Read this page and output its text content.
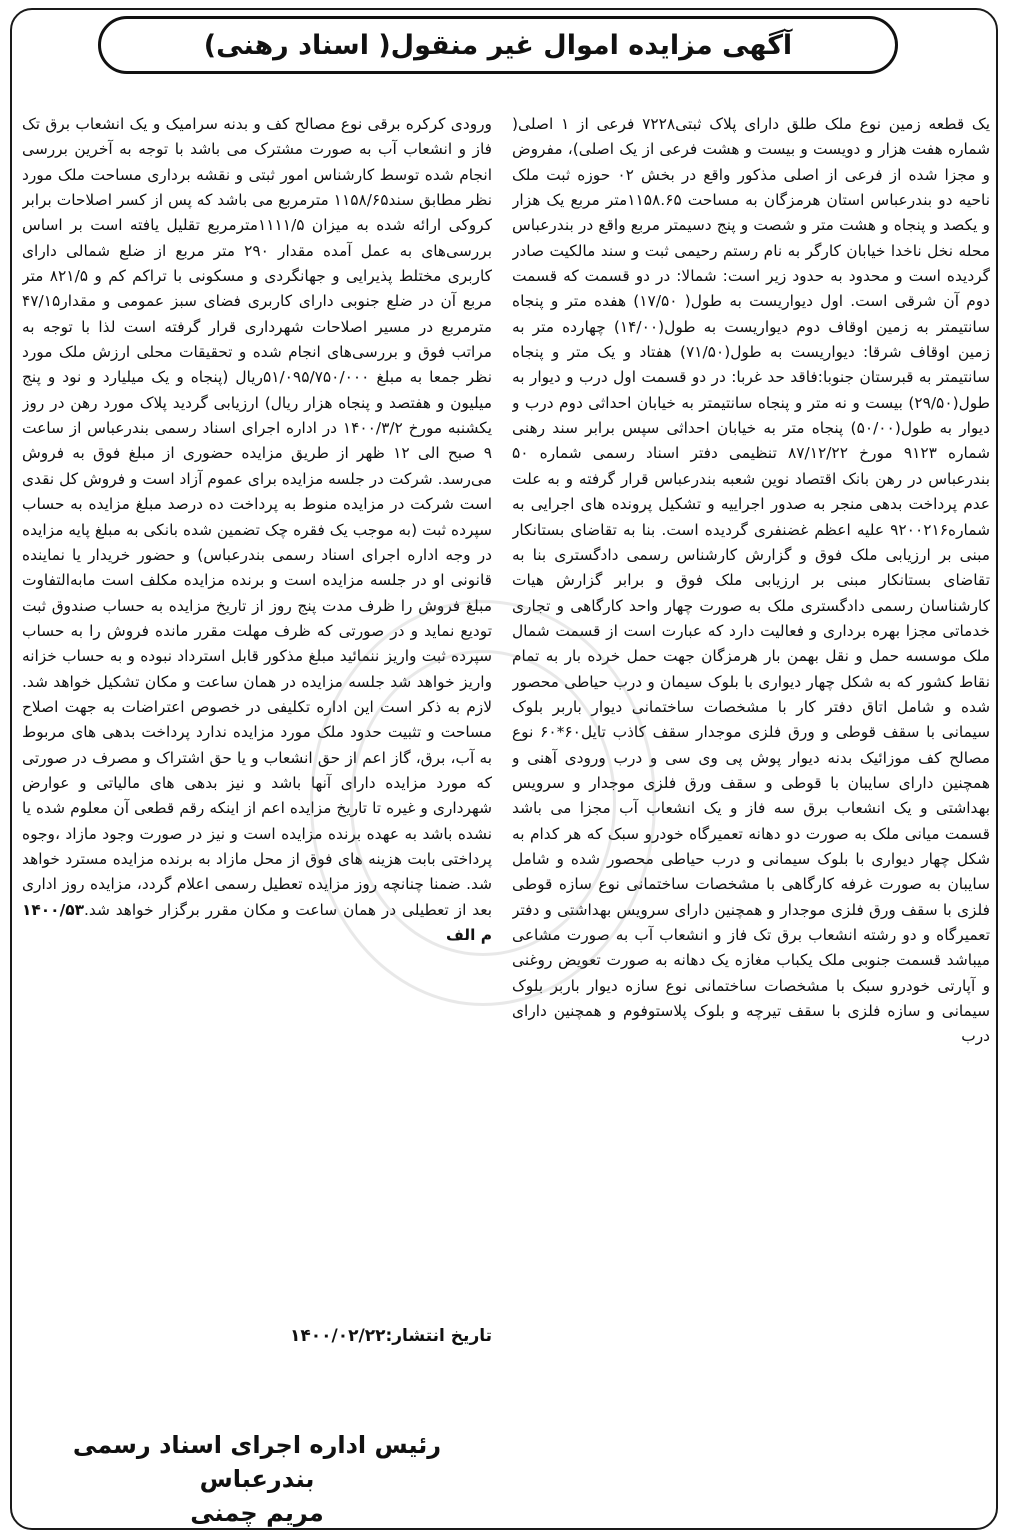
آگهی مزایده اموال غیر منقول( اسناد رهنی)

یک قطعه زمین نوع ملک طلق دارای پلاک ثبتی۷۲۲۸ فرعی از ۱ اصلی( شماره هفت هزار و دویست و بیست و هشت فرعی از یک اصلی)، مفروض و مجزا شده از فرعی از اصلی مذکور واقع در بخش ۰۲ حوزه ثبت ملک ناحیه دو بندرعباس استان هرمزگان به مساحت ۱۱۵۸.۶۵متر مربع یک هزار و یکصد و پنجاه و هشت متر و شصت و پنج دسیمتر مربع واقع در بندرعباس محله نخل ناخدا خیابان کارگر به نام رستم رحیمی ثبت و سند مالکیت صادر گردیده است و محدود به حدود زیر است: شمالا: در دو قسمت که قسمت دوم آن شرقی است. اول دیواریست به طول( ۱۷/۵۰) هفده متر و پنجاه سانتیمتر به زمین اوقاف دوم دیواریست به طول(۱۴/۰۰) چهارده متر به زمین اوقاف شرقا: دیواریست به طول(۷۱/۵۰) هفتاد و یک متر و پنجاه سانتیمتر به قبرستان جنوبا:فاقد حد غربا: در دو قسمت اول درب و دیوار به طول(۲۹/۵۰) بیست و نه متر و پنجاه سانتیمتر به خیابان احداثی دوم درب و دیوار به طول(۵۰/۰۰) پنجاه متر به خیابان احداثی سپس برابر سند رهنی شماره ۹۱۲۳ مورخ ۸۷/۱۲/۲۲ تنظیمی دفتر اسناد رسمی شماره ۵۰ بندرعباس در رهن بانک اقتصاد نوین شعبه بندرعباس قرار گرفته و به علت عدم پرداخت بدهی منجر به صدور اجراییه و تشکیل پرونده های اجرایی به شماره۹۲۰۰۲۱۶ علیه اعظم غضنفری گردیده است. بنا به تقاضای بستانکار مبنی بر ارزیابی ملک فوق و گزارش کارشناس رسمی دادگستری بنا به تقاضای بستانکار مبنی بر ارزیابی ملک فوق و برابر گزارش هیات کارشناسان رسمی دادگستری ملک به صورت چهار واحد کارگاهی و تجاری خدماتی مجزا بهره برداری و فعالیت دارد که عبارت است از قسمت شمال ملک موسسه حمل و نقل بهمن بار هرمزگان جهت حمل خرده بار به تمام نقاط کشور که به شکل چهار دیواری با بلوک سیمان و درب حیاطی محصور شده و شامل اتاق دفتر کار با مشخصات ساختمانی دیوار باربر بلوک سیمانی با سقف قوطی و ورق فلزی موجدار سقف کاذب تایل۶۰*۶۰ نوع مصالح کف موزائیک بدنه دیوار پوش پی وی سی و درب ورودی آهنی و همچنین دارای سایبان با قوطی و سقف ورق فلزی موجدار و سرویس بهداشتی و یک انشعاب برق سه فاز و یک انشعاب آب مجزا می باشد قسمت میانی ملک به صورت دو دهانه تعمیرگاه خودرو سبک که هر کدام به شکل چهار دیواری با بلوک سیمانی و درب حیاطی محصور شده و شامل سایبان به صورت غرفه کارگاهی با مشخصات ساختمانی نوع سازه قوطی فلزی با سقف ورق فلزی موجدار و همچنین دارای سرویس بهداشتی و دفتر تعمیرگاه و دو رشته انشعاب برق تک فاز و انشعاب آب به صورت مشاعی میباشد قسمت جنوبی ملک یکباب مغازه یک دهانه به صورت تعویض روغنی و آپارتی خودرو سبک با مشخصات ساختمانی نوع سازه دیوار باربر بلوک سیمانی و سازه فلزی با سقف تیرچه و بلوک پلاستوفوم و همچنین دارای درب

ورودی کرکره برقی نوع مصالح کف و بدنه سرامیک و یک انشعاب برق تک فاز و انشعاب آب به صورت مشترک می باشد با توجه به آخرین بررسی انجام شده توسط کارشناس امور ثبتی و نقشه برداری مساحت ملک مورد نظر مطابق سند۱۱۵۸/۶۵ مترمربع می باشد که پس از کسر اصلاحات برابر کروکی ارائه شده به میزان ۱۱۱۱/۵مترمربع تقلیل یافته است بر اساس بررسی‌های به عمل آمده مقدار ۲۹۰ متر مربع از ضلع شمالی دارای کاربری مختلط پذیرایی و جهانگردی و مسکونی با تراکم کم و ۸۲۱/۵ متر مربع آن در ضلع جنوبی دارای کاربری فضای سبز عمومی و مقدار۴۷/۱۵ مترمربع در مسیر اصلاحات شهرداری قرار گرفته است لذا با توجه به مراتب فوق و بررسی‌های انجام شده و تحقیقات محلی ارزش ملک مورد نظر جمعا به مبلغ ۵۱/۰۹۵/۷۵۰/۰۰۰ریال (پنجاه و یک میلیارد و نود و پنج میلیون و هفتصد و پنجاه هزار ریال) ارزیابی گردید پلاک مورد رهن در روز یکشنبه مورخ ۱۴۰۰/۳/۲ در اداره اجرای اسناد رسمی بندرعباس از ساعت ۹ صبح الی ۱۲ ظهر از طریق مزایده حضوری از مبلغ فوق به فروش می‌رسد. شرکت در جلسه مزایده برای عموم آزاد است و فروش کل نقدی است شرکت در مزایده منوط به پرداخت ده درصد مبلغ مزایده به حساب سپرده ثبت (به موجب یک فقره چک تضمین شده بانکی به مبلغ پایه مزایده در وجه اداره اجرای اسناد رسمی بندرعباس) و حضور خریدار یا نماینده قانونی او در جلسه مزایده است و برنده مزایده مکلف است مابه‌التفاوت مبلغ فروش را ظرف مدت پنج روز از تاریخ مزایده به حساب صندوق ثبت تودیع نماید و در صورتی که ظرف مهلت مقرر مانده فروش را به حساب سپرده ثبت واریز ننمائید مبلغ مذکور قابل استرداد نبوده و به حساب خزانه واریز خواهد شد جلسه مزایده در همان ساعت و مکان تشکیل خواهد شد. لازم به ذکر است این اداره تکلیفی در خصوص اعتراضات به جهت اصلاح مساحت و تثبیت حدود ملک مورد مزایده ندارد پرداخت بدهی های مربوط به آب، برق، گاز اعم از حق انشعاب و یا حق اشتراک و مصرف در صورتی که مورد مزایده دارای آنها باشد و نیز بدهی های مالیاتی و عوارض شهرداری و غیره تا تاریخ مزایده اعم از اینکه رقم قطعی آن معلوم شده یا نشده باشد به عهده برنده مزایده است و نیز در صورت وجود مازاد ،وجوه پرداختی بابت هزینه های فوق از محل مازاد به برنده مزایده مسترد خواهد شد. ضمنا چنانچه روز مزایده تعطیل رسمی اعلام گردد، مزایده روز اداری بعد از تعطیلی در همان ساعت و مکان مقرر برگزار خواهد شد.۱۴۰۰/۵۳ م الف

تاریخ انتشار:۱۴۰۰/۰۲/۲۲
رئیس اداره اجرای اسناد رسمی بندرعباس
مریم چمنی
